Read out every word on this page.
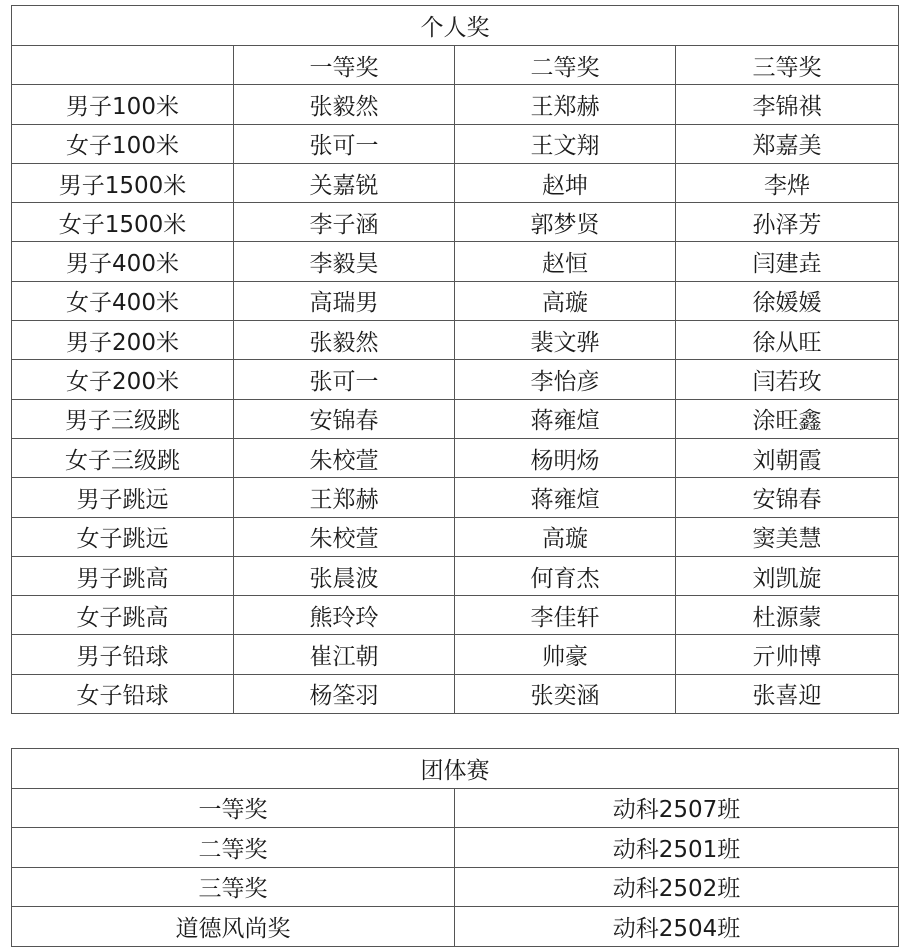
个人奖			
	一等奖	二等奖	三等奖
男子100米	张毅然	王郑赫	李锦祺
女子100米	张可一	王文翔	郑嘉美
男子1500米	关嘉锐	赵坤	李烨
女子1500米	李子涵	郭梦贤	孙泽芳
男子400米	李毅昊	赵恒	闫建垚
女子400米	高瑞男	高璇	徐媛媛
男子200米	张毅然	裴文骅	徐从旺
女子200米	张可一	李怡彦	闫若玫
男子三级跳	安锦春	蒋雍煊	涂旺鑫
女子三级跳	朱校萱	杨明炀	刘朝霞
男子跳远	王郑赫	蒋雍煊	安锦春
女子跳远	朱校萱	高璇	窦美慧
男子跳高	张晨波	何育杰	刘凯旋
女子跳高	熊玲玲	李佳轩	杜源蒙
男子铅球	崔江朝	帅豪	亓帅博
女子铅球	杨筌羽	张奕涵	张喜迎
团体赛	
一等奖	动科2507班
二等奖	动科2501班
三等奖	动科2502班
道德风尚奖	动科2504班
